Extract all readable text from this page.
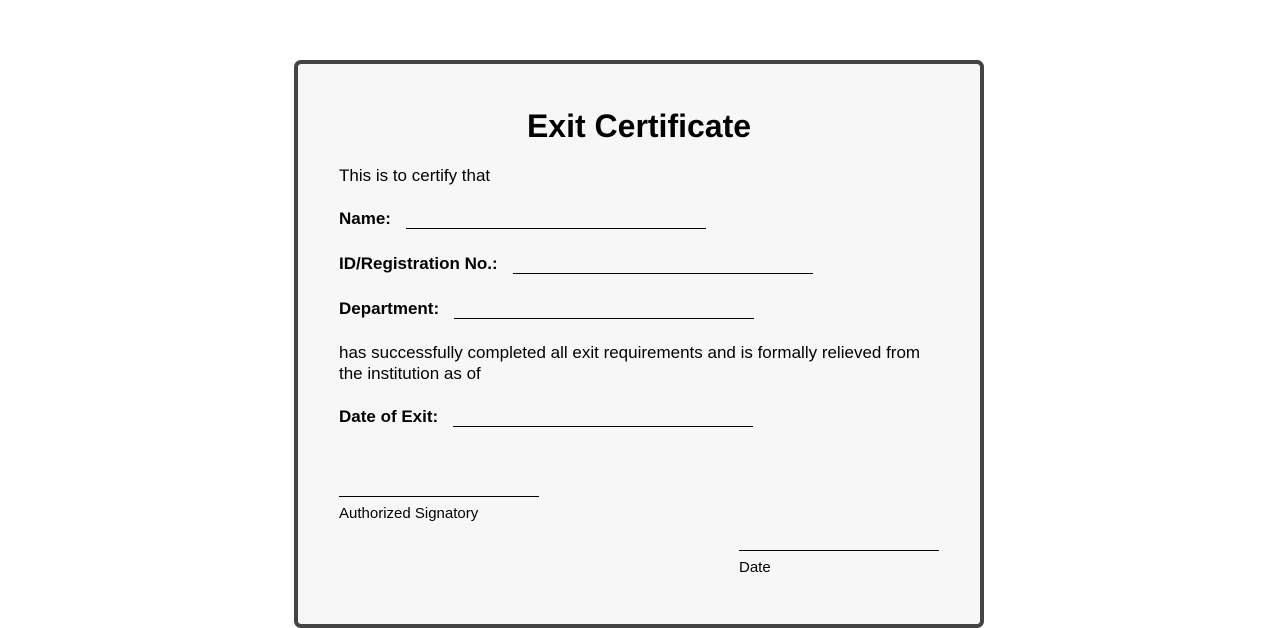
Exit Certificate

This is to certify that

Name:
ID/Registration No.:
Department:

has successfully completed all exit requirements and is formally relieved from the institution as of

Date of Exit:
Authorized Signatory
Date
